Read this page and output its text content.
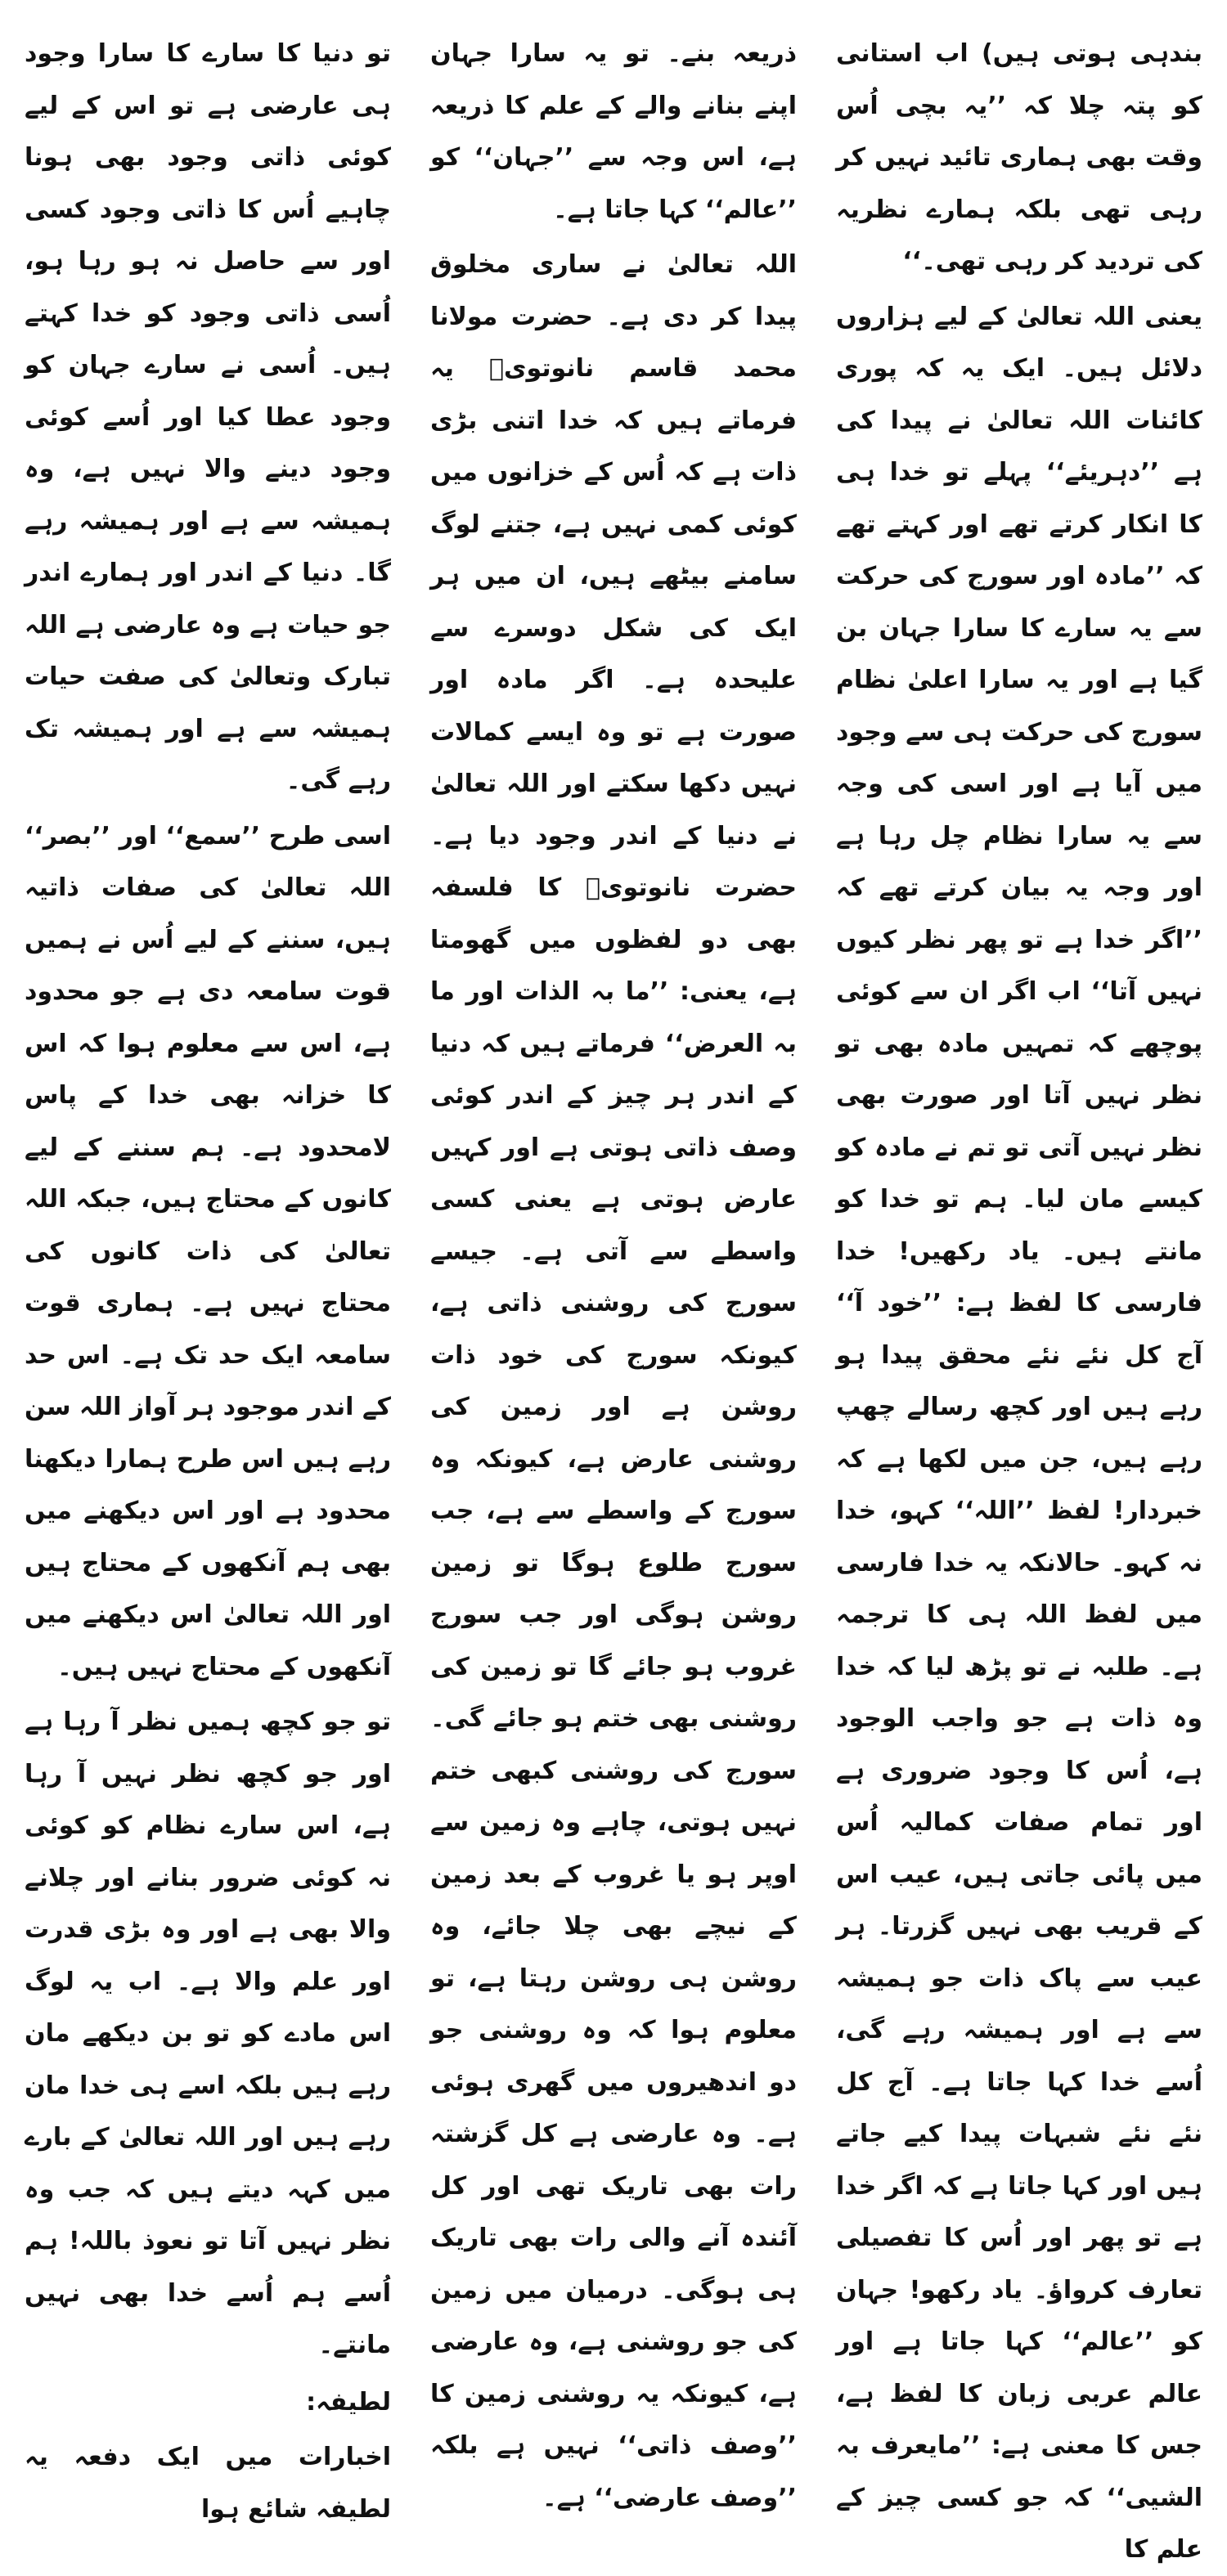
بندہی ہوتی ہیں) اب استانی کو پتہ چلا کہ ’’یہ بچی اُس وقت بھی ہماری تائید نہیں کر رہی تھی بلکہ ہمارے نظریہ کی تردید کر رہی تھی۔‘‘

یعنی اللہ تعالیٰ کے لیے ہزاروں دلائل ہیں۔ ایک یہ کہ پوری کائنات اللہ تعالیٰ نے پیدا کی ہے ’’دہریئے‘‘ پہلے تو خدا ہی کا انکار کرتے تھے اور کہتے تھے کہ ’’مادہ اور سورج کی حرکت سے یہ سارے کا سارا جہان بن گیا ہے اور یہ سارا اعلیٰ نظام سورج کی حرکت ہی سے وجود میں آیا ہے اور اسی کی وجہ سے یہ سارا نظام چل رہا ہے اور وجہ یہ بیان کرتے تھے کہ ’’اگر خدا ہے تو پھر نظر کیوں نہیں آتا‘‘ اب اگر ان سے کوئی پوچھے کہ تمہیں مادہ بھی تو نظر نہیں آتا اور صورت بھی نظر نہیں آتی تو تم نے مادہ کو کیسے مان لیا۔ ہم تو خدا کو مانتے ہیں۔ یاد رکھیں! خدا فارسی کا لفظ ہے: ’’خود آ‘‘ آج کل نئے نئے محقق پیدا ہو رہے ہیں اور کچھ رسالے چھپ رہے ہیں، جن میں لکھا ہے کہ خبردار! لفظ ’’اللہ‘‘ کہو، خدا نہ کہو۔ حالانکہ یہ خدا فارسی میں لفظ اللہ ہی کا ترجمہ ہے۔ طلبہ نے تو پڑھ لیا کہ خدا وہ ذات ہے جو واجب الوجود ہے، اُس کا وجود ضروری ہے اور تمام صفات کمالیہ اُس میں پائی جاتی ہیں، عیب اس کے قریب بھی نہیں گزرتا۔ ہر عیب سے پاک ذات جو ہمیشہ سے ہے اور ہمیشہ رہے گی، اُسے خدا کہا جاتا ہے۔ آج کل نئے نئے شبہات پیدا کیے جاتے ہیں اور کہا جاتا ہے کہ اگر خدا ہے تو پھر اور اُس کا تفصیلی تعارف کرواؤ۔ یاد رکھو! جہان کو ’’عالم‘‘ کہا جاتا ہے اور عالم عربی زبان کا لفظ ہے، جس کا معنی ہے: ’’مایعرف بہ الشیی‘‘ کہ جو کسی چیز کے علم کا

ذریعہ بنے۔ تو یہ سارا جہان اپنے بنانے والے کے علم کا ذریعہ ہے، اس وجہ سے ’’جہان‘‘ کو ’’عالم‘‘ کہا جاتا ہے۔

اللہ تعالیٰ نے ساری مخلوق پیدا کر دی ہے۔ حضرت مولانا محمد قاسم نانوتویؒ یہ فرماتے ہیں کہ خدا اتنی بڑی ذات ہے کہ اُس کے خزانوں میں کوئی کمی نہیں ہے، جتنے لوگ سامنے بیٹھے ہیں، ان میں ہر ایک کی شکل دوسرے سے علیحدہ ہے۔ اگر مادہ اور صورت ہے تو وہ ایسے کمالات نہیں دکھا سکتے اور اللہ تعالیٰ نے دنیا کے اندر وجود دیا ہے۔ حضرت نانوتویؒ کا فلسفہ بھی دو لفظوں میں گھومتا ہے، یعنی: ’’ما بہ الذات اور ما بہ العرض‘‘ فرماتے ہیں کہ دنیا کے اندر ہر چیز کے اندر کوئی وصف ذاتی ہوتی ہے اور کہیں عارض ہوتی ہے یعنی کسی واسطے سے آتی ہے۔ جیسے سورج کی روشنی ذاتی ہے، کیونکہ سورج کی خود ذات روشن ہے اور زمین کی روشنی عارض ہے، کیونکہ وہ سورج کے واسطے سے ہے، جب سورج طلوع ہوگا تو زمین روشن ہوگی اور جب سورج غروب ہو جائے گا تو زمین کی روشنی بھی ختم ہو جائے گی۔ سورج کی روشنی کبھی ختم نہیں ہوتی، چاہے وہ زمین سے اوپر ہو یا غروب کے بعد زمین کے نیچے بھی چلا جائے، وہ روشن ہی روشن رہتا ہے، تو معلوم ہوا کہ وہ روشنی جو دو اندھیروں میں گھری ہوئی ہے۔ وہ عارضی ہے کل گزشتہ رات بھی تاریک تھی اور کل آئندہ آنے والی رات بھی تاریک ہی ہوگی۔ درمیان میں زمین کی جو روشنی ہے، وہ عارضی ہے، کیونکہ یہ روشنی زمین کا ’’وصف ذاتی‘‘ نہیں ہے بلکہ ’’وصف عارضی‘‘ ہے۔

تو دنیا کا سارے کا سارا وجود ہی عارضی ہے تو اس کے لیے کوئی ذاتی وجود بھی ہونا چاہیے اُس کا ذاتی وجود کسی اور سے حاصل نہ ہو رہا ہو، اُسی ذاتی وجود کو خدا کہتے ہیں۔ اُسی نے سارے جہان کو وجود عطا کیا اور اُسے کوئی وجود دینے والا نہیں ہے، وہ ہمیشہ سے ہے اور ہمیشہ رہے گا۔ دنیا کے اندر اور ہمارے اندر جو حیات ہے وہ عارضی ہے اللہ تبارک وتعالیٰ کی صفت حیات ہمیشہ سے ہے اور ہمیشہ تک رہے گی۔

اسی طرح ’’سمع‘‘ اور ’’بصر‘‘ اللہ تعالیٰ کی صفات ذاتیہ ہیں، سننے کے لیے اُس نے ہمیں قوت سامعہ دی ہے جو محدود ہے، اس سے معلوم ہوا کہ اس کا خزانہ بھی خدا کے پاس لامحدود ہے۔ ہم سننے کے لیے کانوں کے محتاج ہیں، جبکہ اللہ تعالیٰ کی ذات کانوں کی محتاج نہیں ہے۔ ہماری قوت سامعہ ایک حد تک ہے۔ اس حد کے اندر موجود ہر آواز اللہ سن رہے ہیں اس طرح ہمارا دیکھنا محدود ہے اور اس دیکھنے میں بھی ہم آنکھوں کے محتاج ہیں اور اللہ تعالیٰ اس دیکھنے میں آنکھوں کے محتاج نہیں ہیں۔

تو جو کچھ ہمیں نظر آ رہا ہے اور جو کچھ نظر نہیں آ رہا ہے، اس سارے نظام کو کوئی نہ کوئی ضرور بنانے اور چلانے والا بھی ہے اور وہ بڑی قدرت اور علم والا ہے۔ اب یہ لوگ اس مادے کو تو بن دیکھے مان رہے ہیں بلکہ اسے ہی خدا مان رہے ہیں اور اللہ تعالیٰ کے بارے میں کہہ دیتے ہیں کہ جب وہ نظر نہیں آتا تو نعوذ باللہ! ہم اُسے ہم اُسے خدا بھی نہیں مانتے۔

لطیفہ:

اخبارات میں ایک دفعہ یہ لطیفہ شائع ہوا
